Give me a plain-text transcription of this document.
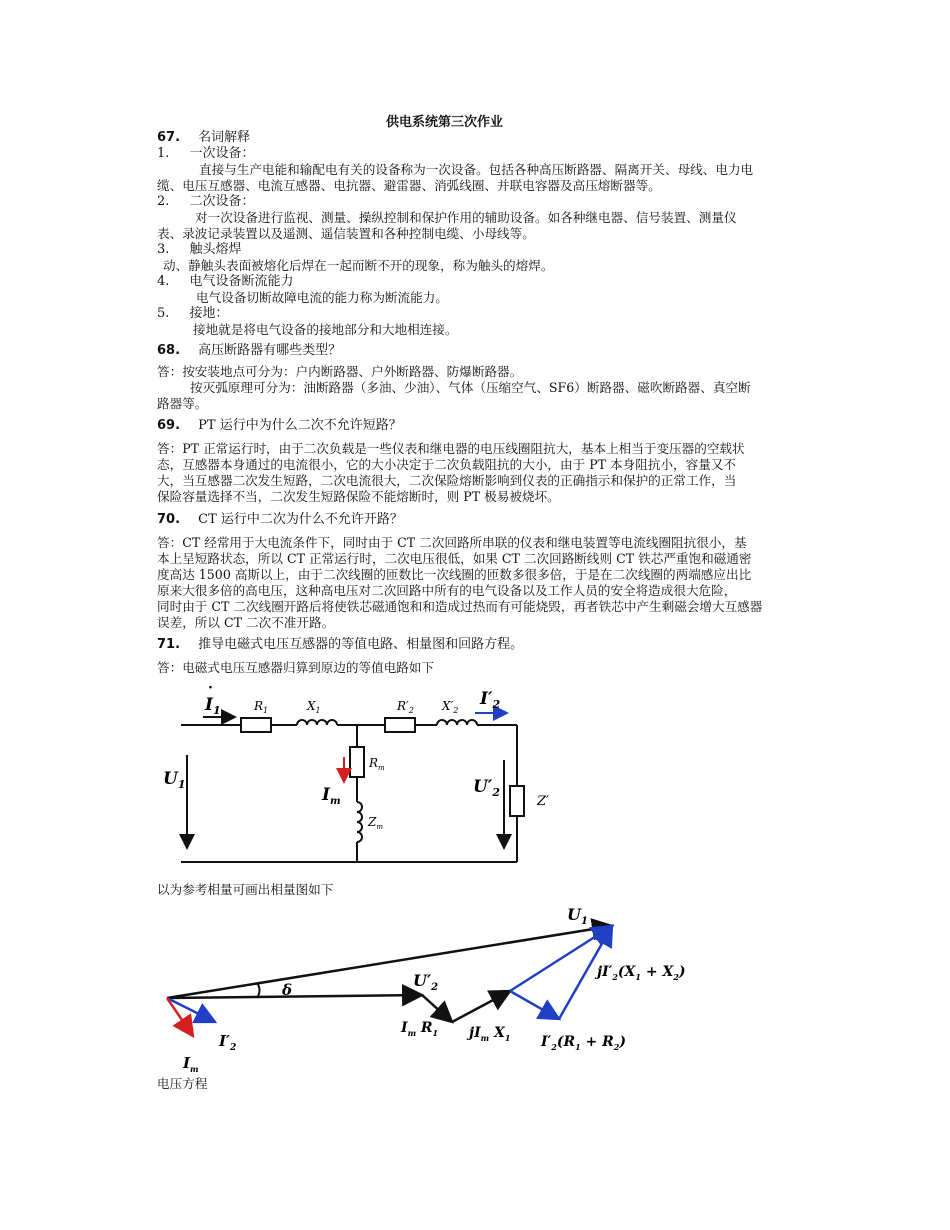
供电系统第三次作业
67. 名词解释
1. 一次设备：
直接与生产电能和输配电有关的设备称为一次设备。包括各种高压断路器、隔离开关、母线、电力电
缆、电压互感器、电流互感器、电抗器、避雷器、消弧线圈、并联电容器及高压熔断器等。
2. 二次设备：
对一次设备进行监视、测量、操纵控制和保护作用的辅助设备。如各种继电器、信号装置、测量仪
表、录波记录装置以及遥测、遥信装置和各种控制电缆、小母线等。
3. 触头熔焊
动、静触头表面被熔化后焊在一起而断不开的现象，称为触头的熔焊。
4. 电气设备断流能力
电气设备切断故障电流的能力称为断流能力。
5. 接地：
接地就是将电气设备的接地部分和大地相连接。
68. 高压断路器有哪些类型？
答：按安装地点可分为：户内断路器、户外断路器、防爆断路器。
按灭弧原理可分为：油断路器（多油、少油）、气体（压缩空气、SF6）断路器、磁吹断路器、真空断
路器等。
69. PT 运行中为什么二次不允许短路？
答：PT 正常运行时，由于二次负载是一些仪表和继电器的电压线圈阻抗大，基本上相当于变压器的空载状
态，互感器本身通过的电流很小，它的大小决定于二次负载阻抗的大小，由于 PT 本身阻抗小，容量又不
大，当互感器二次发生短路，二次电流很大，二次保险熔断影响到仪表的正确指示和保护的正常工作，当
保险容量选择不当，二次发生短路保险不能熔断时，则 PT 极易被烧坏。
70. CT 运行中二次为什么不允许开路？
答：CT 经常用于大电流条件下，同时由于 CT 二次回路所串联的仪表和继电装置等电流线圈阻抗很小，基
本上呈短路状态，所以 CT 正常运行时，二次电压很低，如果 CT 二次回路断线则 CT 铁芯严重饱和磁通密
度高达 1500 高斯以上，由于二次线圈的匝数比一次线圈的匝数多很多倍，于是在二次线圈的两端感应出比
原来大很多倍的高电压，这种高电压对二次回路中所有的电气设备以及工作人员的安全将造成很大危险，
同时由于 CT 二次线圈开路后将使铁芯磁通饱和和造成过热而有可能烧毁，再者铁芯中产生剩磁会增大互感器
误差，所以 CT 二次不准开路。
71. 推导电磁式电压互感器的等值电路、相量图和回路方程。
答：电磁式电压互感器归算到原边的等值电路如下
$I_1$
·
$R_1$	$X_1$	$R'_2$ $X'_2$
$I'_2$
$R_m$
$I_m$
$Z_m$
$U_1$	$U'_2$
Z′
以为参考相量可画出相量图如下
$U_1$
δ	$U'_2$
$I_m$ $R_1$ $jI_m$ $X_1$
$jI'_2(X_1 + X_2)$
$I'_2(R_1 + R_2)$
$I'_2$
$I_m$
电压方程
